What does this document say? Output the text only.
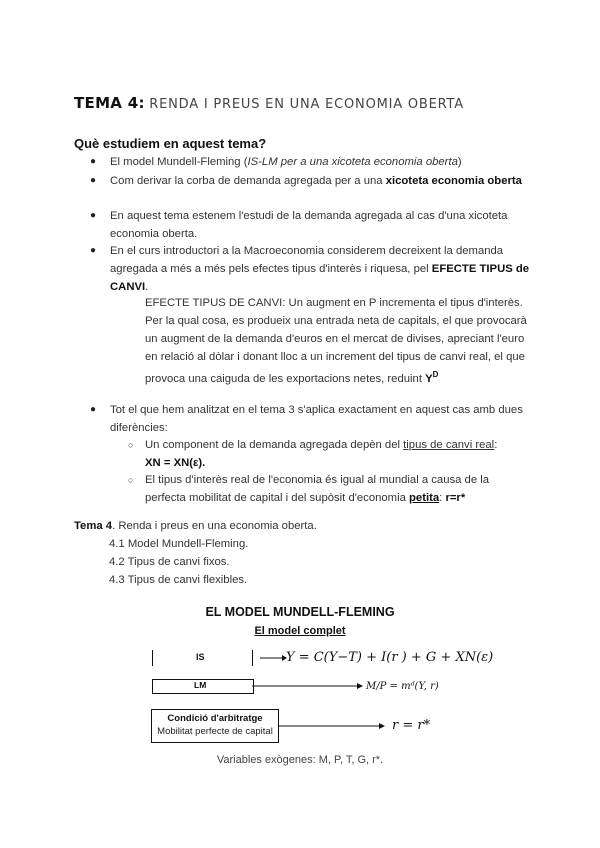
TEMA 4: RENDA I PREUS EN UNA ECONOMIA OBERTA
Què estudiem en aquest tema?
●	El model Mundell-Fleming (IS-LM per a una xicoteta economia oberta)
●	Com derivar la corba de demanda agregada per a una xicoteta economia oberta
●	En aquest tema estenem l'estudi de la demanda agregada al cas d'una xicoteta
economia oberta.
●	En el curs introductori a la Macroeconomia considerem decreixent la demanda
agregada a més a més pels efectes tipus d'interès i riquesa, pel EFECTE TIPUS de
CANVI.
EFECTE TIPUS DE CANVI: Un augment en P incrementa el tipus d'interès.
Per la qual cosa, es produeix una entrada neta de capitals, el que provocarà
un augment de la demanda d'euros en el mercat de divises, apreciant l'euro
en relació al dòlar i donant lloc a un increment del tipus de canvi real, el que
provoca una caiguda de les exportacions netes, reduint $Y^D$
●	Tot el que hem analitzat en el tema 3 s'aplica exactament en aquest cas amb dues
diferències:
○	Un component de la demanda agregada depèn del tipus de canvi real:
XN = XN(ε).
○	El tipus d'interès real de l'economia és igual al mundial a causa de la
perfecta mobilitat de capital i del supòsit d'economia petita: r=r*
Tema 4. Renda i preus en una economia oberta.
4.1 Model Mundell-Fleming.
4.2 Tipus de canvi fixos.
4.3 Tipus de canvi flexibles.
EL MODEL MUNDELL-FLEMING
El model complet
IS	Y = C(Y−T) + I(r ) + G + XN(ε)
LM	M/P = mᵈ(Y, r)
Condició d'arbitratge
Mobilitat perfecte de capital	r = r*
Variables exògenes: M, P, T, G, r*.
